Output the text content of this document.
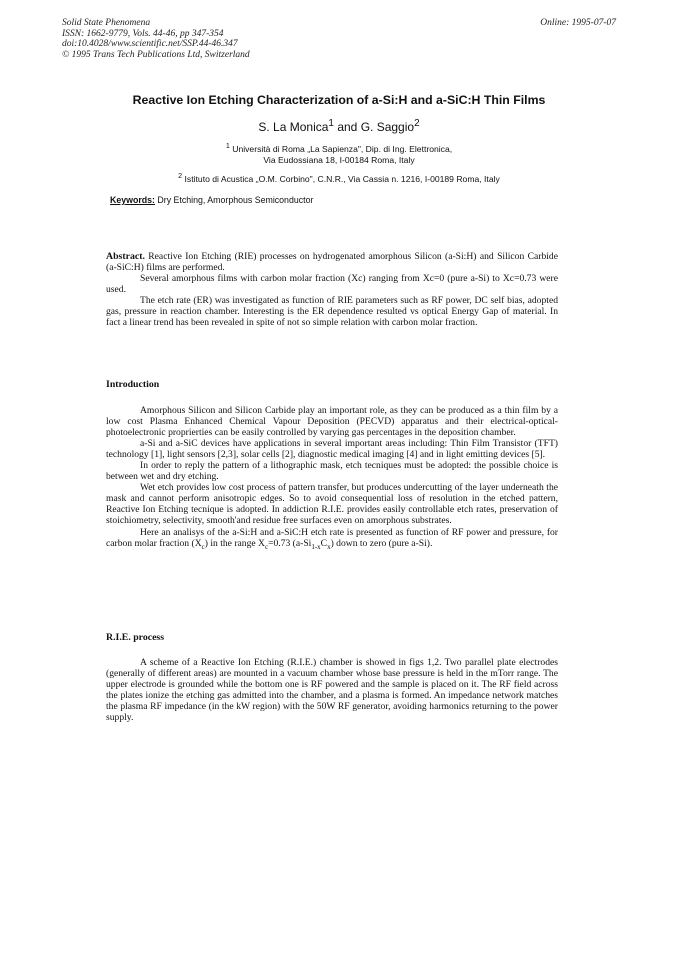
Solid State Phenomena
ISSN: 1662-9779, Vols. 44-46, pp 347-354
doi:10.4028/www.scientific.net/SSP.44-46.347
© 1995 Trans Tech Publications Ltd, Switzerland
Online: 1995-07-07
Reactive Ion Etching Characterization of a-Si:H and a-SiC:H Thin Films
S. La Monica$^1$ and G. Saggio$^2$
$^1$ Università di Roma „La Sapienza", Dip. di Ing. Elettronica,
Via Eudossiana 18, I-00184 Roma, Italy
$^2$ Istituto di Acustica „O.M. Corbino", C.N.R., Via Cassia n. 1216, I-00189 Roma, Italy
Keywords: Dry Etching, Amorphous Semiconductor

Abstract. Reactive Ion Etching (RIE) processes on hydrogenated amorphous Silicon (a-Si:H) and Silicon Carbide (a-SiC:H) films are performed.

Several amorphous films with carbon molar fraction (Xc) ranging from Xc=0 (pure a-Si) to Xc=0.73 were used.

The etch rate (ER) was investigated as function of RIE parameters such as RF power, DC self bias, adopted gas, pressure in reaction chamber. Interesting is the ER dependence resulted vs optical Energy Gap of material. In fact a linear trend has been revealed in spite of not so simple relation with carbon molar fraction.

Introduction

Amorphous Silicon and Silicon Carbide play an important role, as they can be produced as a thin film by a low cost Plasma Enhanced Chemical Vapour Deposition (PECVD) apparatus and their electrical-optical-photoelectronic proprierties can be easily controlled by varying gas percentages in the deposition chamber.

a-Si and a-SiC devices have applications in several important areas including: Thin Film Transistor (TFT) technology [1], light sensors [2,3], solar cells [2], diagnostic medical imaging [4] and in light emitting devices [5].

In order to reply the pattern of a lithographic mask, etch tecniques must be adopted: the possible choice is between wet and dry etching.

Wet etch provides low cost process of pattern transfer, but produces undercutting of the layer underneath the mask and cannot perform anisotropic edges. So to avoid consequential loss of resolution in the etched pattern, Reactive Ion Etching tecnique is adopted. In addiction R.I.E. provides easily controllable etch rates, preservation of stoichiometry, selectivity, smooth'and residue free surfaces even on amorphous substrates.

Here an analisys of the a-Si:H and a-SiC:H etch rate is presented as function of RF power and pressure, for carbon molar fraction $(X_c)$ in the range $X_c=0.73$ $(a-Si_{1-x}C_x)$ down to zero (pure a-Si).

R.I.E. process

A scheme of a Reactive Ion Etching (R.I.E.) chamber is showed in figs 1,2. Two parallel plate electrodes (generally of different areas) are mounted in a vacuum chamber whose base pressure is held in the mTorr range. The upper electrode is grounded while the bottom one is RF powered and the sample is placed on it. The RF field across the plates ionize the etching gas admitted into the chamber, and a plasma is formed. An impedance network matches the plasma RF impedance (in the kW region) with the 50W RF generator, avoiding harmonics returning to the power supply.
